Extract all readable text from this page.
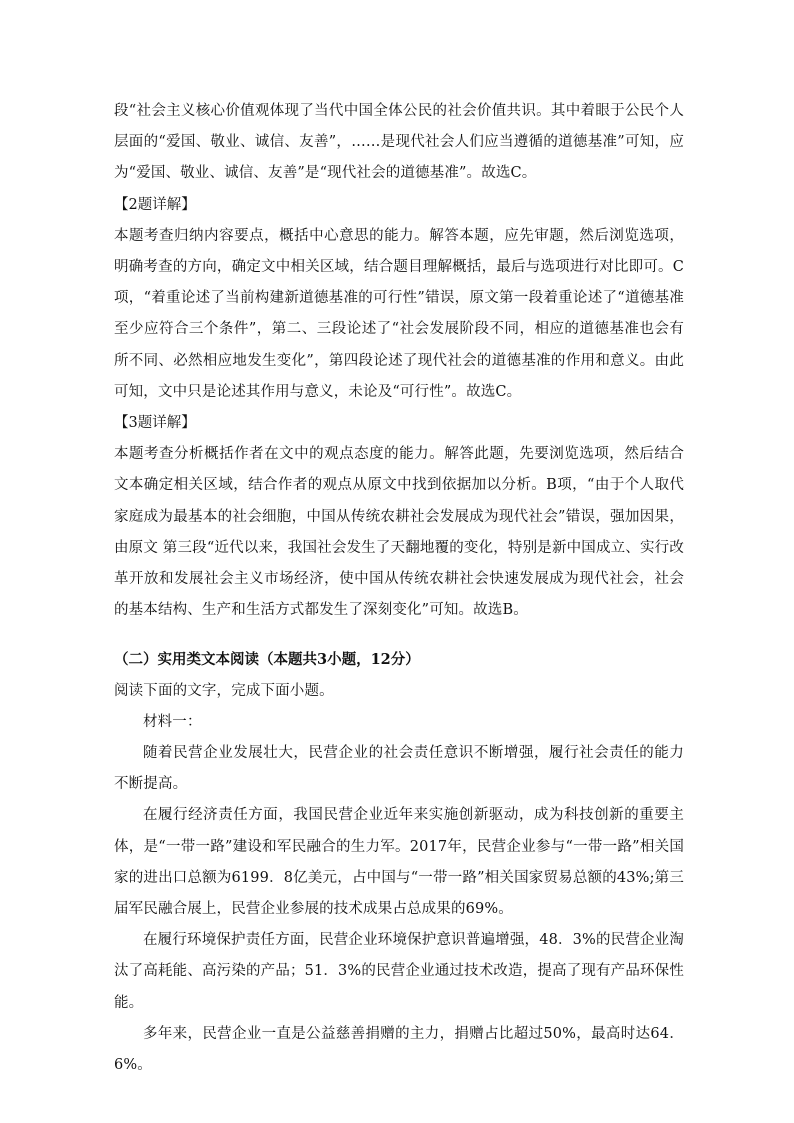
段“社会主义核心价值观体现了当代中国全体公民的社会价值共识。其中着眼于公民个人层面的“爱国、敬业、诚信、友善”，……是现代社会人们应当遵循的道德基准”可知，应为“爱国、敬业、诚信、友善”是“现代社会的道德基准”。故选C。

【2题详解】

本题考查归纳内容要点，概括中心意思的能力。解答本题，应先审题，然后浏览选项，明确考查的方向，确定文中相关区域，结合题目理解概括，最后与选项进行对比即可。C项，“着重论述了当前构建新道德基准的可行性”错误，原文第一段着重论述了“道德基准至少应符合三个条件”，第二、三段论述了“社会发展阶段不同，相应的道德基准也会有所不同、必然相应地发生变化”，第四段论述了现代社会的道德基准的作用和意义。由此可知，文中只是论述其作用与意义，未论及“可行性”。故选C。

【3题详解】

本题考查分析概括作者在文中的观点态度的能力。解答此题，先要浏览选项，然后结合文本确定相关区域，结合作者的观点从原文中找到依据加以分析。B项，“由于个人取代家庭成为最基本的社会细胞，中国从传统农耕社会发展成为现代社会”错误，强加因果，由原文 第三段“近代以来，我国社会发生了天翻地覆的变化，特别是新中国成立、实行改革开放和发展社会主义市场经济，使中国从传统农耕社会快速发展成为现代社会，社会的基本结构、生产和生活方式都发生了深刻变化”可知。故选B。

（二）实用类文本阅读（本题共3小题，12分）

阅读下面的文字，完成下面小题。

材料一：

随着民营企业发展壮大，民营企业的社会责任意识不断增强，履行社会责任的能力不断提高。

在履行经济责任方面，我国民营企业近年来实施创新驱动，成为科技创新的重要主体，是“一带一路”建设和军民融合的生力军。2017年，民营企业参与“一带一路”相关国家的进出口总额为6199．8亿美元，占中国与“一带一路”相关国家贸易总额的43%;第三届军民融合展上，民营企业参展的技术成果占总成果的69%。

在履行环境保护责任方面，民营企业环境保护意识普遍增强，48．3%的民营企业淘汰了高耗能、高污染的产品；51．3%的民营企业通过技术改造，提高了现有产品环保性能。

多年来，民营企业一直是公益慈善捐赠的主力，捐赠占比超过50%，最高时达64．6%。
